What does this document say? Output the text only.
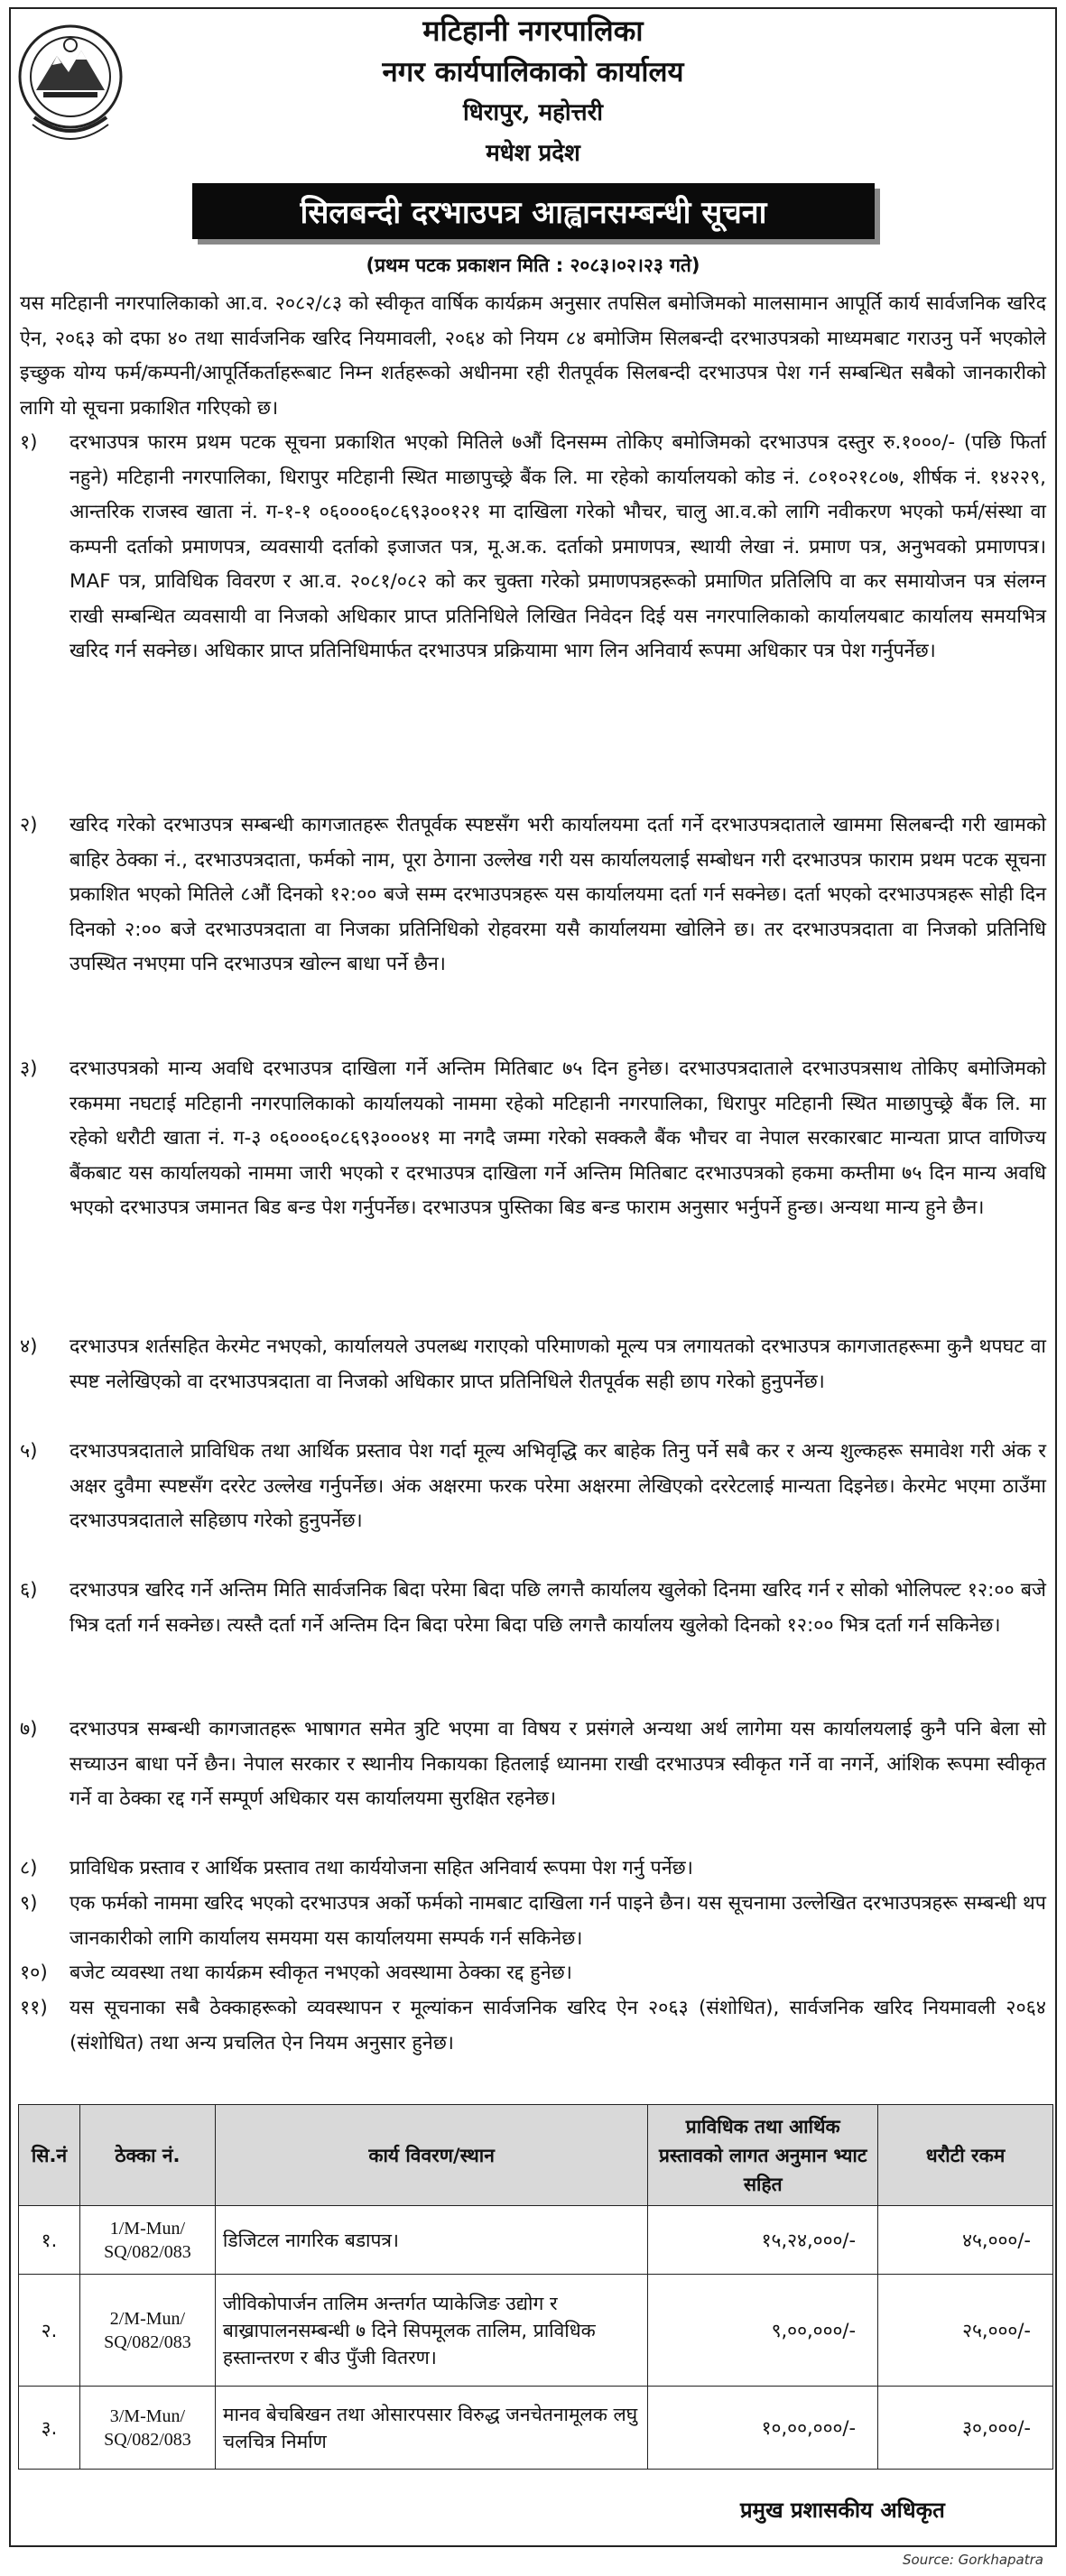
मटिहानी नगरपालिका
नगर कार्यपालिकाको कार्यालय
धिरापुर, महोत्तरी
मधेश प्रदेश
सिलबन्दी दरभाउपत्र आह्वानसम्बन्धी सूचना
(प्रथम पटक प्रकाशन मिति : २०८३।०२।२३ गते)

यस मटिहानी नगरपालिकाको आ.व. २०८२/८३ को स्वीकृत वार्षिक कार्यक्रम अनुसार तपसिल बमोजिमको मालसामान आपूर्ति कार्य सार्वजनिक खरिद ऐन, २०६३ को दफा ४० तथा सार्वजनिक खरिद नियमावली, २०६४ को नियम ८४ बमोजिम सिलबन्दी दरभाउपत्रको माध्यमबाट गराउनु पर्ने भएकोले इच्छुक योग्य फर्म/कम्पनी/आपूर्तिकर्ताहरूबाट निम्न शर्तहरूको अधीनमा रही रीतपूर्वक सिलबन्दी दरभाउपत्र पेश गर्न सम्बन्धित सबैको जानकारीको लागि यो सूचना प्रकाशित गरिएको छ।

१)	दरभाउपत्र फारम प्रथम पटक सूचना प्रकाशित भएको मितिले ७औं दिनसम्म तोकिए बमोजिमको दरभाउपत्र दस्तुर रु.१०००/- (पछि फिर्ता नहुने) मटिहानी नगरपालिका, धिरापुर मटिहानी स्थित माछापुच्छ्रे बैंक लि. मा रहेको कार्यालयको कोड नं. ८०१०२१८०७, शीर्षक नं. १४२२९, आन्तरिक राजस्व खाता नं. ग-१-१ ०६०००६०८६९३००१२१ मा दाखिला गरेको भौचर, चालु आ.व.को लागि नवीकरण भएको फर्म/संस्था वा कम्पनी दर्ताको प्रमाणपत्र, व्यवसायी दर्ताको इजाजत पत्र, मू.अ.क. दर्ताको प्रमाणपत्र, स्थायी लेखा नं. प्रमाण पत्र, अनुभवको प्रमाणपत्र। MAF पत्र, प्राविधिक विवरण र आ.व. २०८१/०८२ को कर चुक्ता गरेको प्रमाणपत्रहरूको प्रमाणित प्रतिलिपि वा कर समायोजन पत्र संलग्न राखी सम्बन्धित व्यवसायी वा निजको अधिकार प्राप्त प्रतिनिधिले लिखित निवेदन दिई यस नगरपालिकाको कार्यालयबाट कार्यालय समयभित्र खरिद गर्न सक्नेछ। अधिकार प्राप्त प्रतिनिधिमार्फत दरभाउपत्र प्रक्रियामा भाग लिन अनिवार्य रूपमा अधिकार पत्र पेश गर्नुपर्नेछ।
२)	खरिद गरेको दरभाउपत्र सम्बन्धी कागजातहरू रीतपूर्वक स्पष्टसँग भरी कार्यालयमा दर्ता गर्ने दरभाउपत्रदाताले खाममा सिलबन्दी गरी खामको बाहिर ठेक्का नं., दरभाउपत्रदाता, फर्मको नाम, पूरा ठेगाना उल्लेख गरी यस कार्यालयलाई सम्बोधन गरी दरभाउपत्र फाराम प्रथम पटक सूचना प्रकाशित भएको मितिले ८औं दिनको १२:०० बजे सम्म दरभाउपत्रहरू यस कार्यालयमा दर्ता गर्न सक्नेछ। दर्ता भएको दरभाउपत्रहरू सोही दिन दिनको २:०० बजे दरभाउपत्रदाता वा निजका प्रतिनिधिको रोहवरमा यसै कार्यालयमा खोलिने छ। तर दरभाउपत्रदाता वा निजको प्रतिनिधि उपस्थित नभएमा पनि दरभाउपत्र खोल्न बाधा पर्ने छैन।
३)	दरभाउपत्रको मान्य अवधि दरभाउपत्र दाखिला गर्ने अन्तिम मितिबाट ७५ दिन हुनेछ। दरभाउपत्रदाताले दरभाउपत्रसाथ तोकिए बमोजिमको रकममा नघटाई मटिहानी नगरपालिकाको कार्यालयको नाममा रहेको मटिहानी नगरपालिका, धिरापुर मटिहानी स्थित माछापुच्छ्रे बैंक लि. मा रहेको धरौटी खाता नं. ग-३ ०६०००६०८६९३०००४१ मा नगदै जम्मा गरेको सक्कलै बैंक भौचर वा नेपाल सरकारबाट मान्यता प्राप्त वाणिज्य बैंकबाट यस कार्यालयको नाममा जारी भएको र दरभाउपत्र दाखिला गर्ने अन्तिम मितिबाट दरभाउपत्रको हकमा कम्तीमा ७५ दिन मान्य अवधि भएको दरभाउपत्र जमानत बिड बन्ड पेश गर्नुपर्नेछ। दरभाउपत्र पुस्तिका बिड बन्ड फाराम अनुसार भर्नुपर्ने हुन्छ। अन्यथा मान्य हुने छैन।
४)	दरभाउपत्र शर्तसहित केरमेट नभएको, कार्यालयले उपलब्ध गराएको परिमाणको मूल्य पत्र लगायतको दरभाउपत्र कागजातहरूमा कुनै थपघट वा स्पष्ट नलेखिएको वा दरभाउपत्रदाता वा निजको अधिकार प्राप्त प्रतिनिधिले रीतपूर्वक सही छाप गरेको हुनुपर्नेछ।
५)	दरभाउपत्रदाताले प्राविधिक तथा आर्थिक प्रस्ताव पेश गर्दा मूल्य अभिवृद्धि कर बाहेक तिनु पर्ने सबै कर र अन्य शुल्कहरू समावेश गरी अंक र अक्षर दुवैमा स्पष्टसँग दररेट उल्लेख गर्नुपर्नेछ। अंक अक्षरमा फरक परेमा अक्षरमा लेखिएको दररेटलाई मान्यता दिइनेछ। केरमेट भएमा ठाउँमा दरभाउपत्रदाताले सहिछाप गरेको हुनुपर्नेछ।
६)	दरभाउपत्र खरिद गर्ने अन्तिम मिति सार्वजनिक बिदा परेमा बिदा पछि लगत्तै कार्यालय खुलेको दिनमा खरिद गर्न र सोको भोलिपल्ट १२:०० बजे भित्र दर्ता गर्न सक्नेछ। त्यस्तै दर्ता गर्ने अन्तिम दिन बिदा परेमा बिदा पछि लगत्तै कार्यालय खुलेको दिनको १२:०० भित्र दर्ता गर्न सकिनेछ।
७)	दरभाउपत्र सम्बन्धी कागजातहरू भाषागत समेत त्रुटि भएमा वा विषय र प्रसंगले अन्यथा अर्थ लागेमा यस कार्यालयलाई कुनै पनि बेला सो सच्याउन बाधा पर्ने छैन। नेपाल सरकार र स्थानीय निकायका हितलाई ध्यानमा राखी दरभाउपत्र स्वीकृत गर्ने वा नगर्ने, आंशिक रूपमा स्वीकृत गर्ने वा ठेक्का रद्द गर्ने सम्पूर्ण अधिकार यस कार्यालयमा सुरक्षित रहनेछ।
८)	प्राविधिक प्रस्ताव र आर्थिक प्रस्ताव तथा कार्ययोजना सहित अनिवार्य रूपमा पेश गर्नु पर्नेछ।
९)	एक फर्मको नाममा खरिद भएको दरभाउपत्र अर्को फर्मको नामबाट दाखिला गर्न पाइने छैन। यस सूचनामा उल्लेखित दरभाउपत्रहरू सम्बन्धी थप जानकारीको लागि कार्यालय समयमा यस कार्यालयमा सम्पर्क गर्न सकिनेछ।
१०)	बजेट व्यवस्था तथा कार्यक्रम स्वीकृत नभएको अवस्थामा ठेक्का रद्द हुनेछ।
११)	यस सूचनाका सबै ठेक्काहरूको व्यवस्थापन र मूल्यांकन सार्वजनिक खरिद ऐन २०६३ (संशोधित), सार्वजनिक खरिद नियमावली २०६४ (संशोधित) तथा अन्य प्रचलित ऐन नियम अनुसार हुनेछ।
सि.नं	ठेक्का नं.	कार्य विवरण/स्थान	प्राविधिक तथा आर्थिक प्रस्तावको लागत अनुमान भ्याट सहित	धरौटी रकम
१.	1/M-Mun/ SQ/082/083	डिजिटल नागरिक बडापत्र।	१५,२४,०००/-	४५,०००/-
२.	2/M-Mun/ SQ/082/083	जीविकोपार्जन तालिम अन्तर्गत प्याकेजिङ उद्योग र बाख्रापालनसम्बन्धी ७ दिने सिपमूलक तालिम, प्राविधिक हस्तान्तरण र बीउ पुँजी वितरण।	९,००,०००/-	२५,०००/-
३.	3/M-Mun/ SQ/082/083	मानव बेचबिखन तथा ओसारपसार विरुद्ध जनचेतनामूलक लघु चलचित्र निर्माण	१०,००,०००/-	३०,०००/-
प्रमुख प्रशासकीय अधिकृत
Source: Gorkhapatra
